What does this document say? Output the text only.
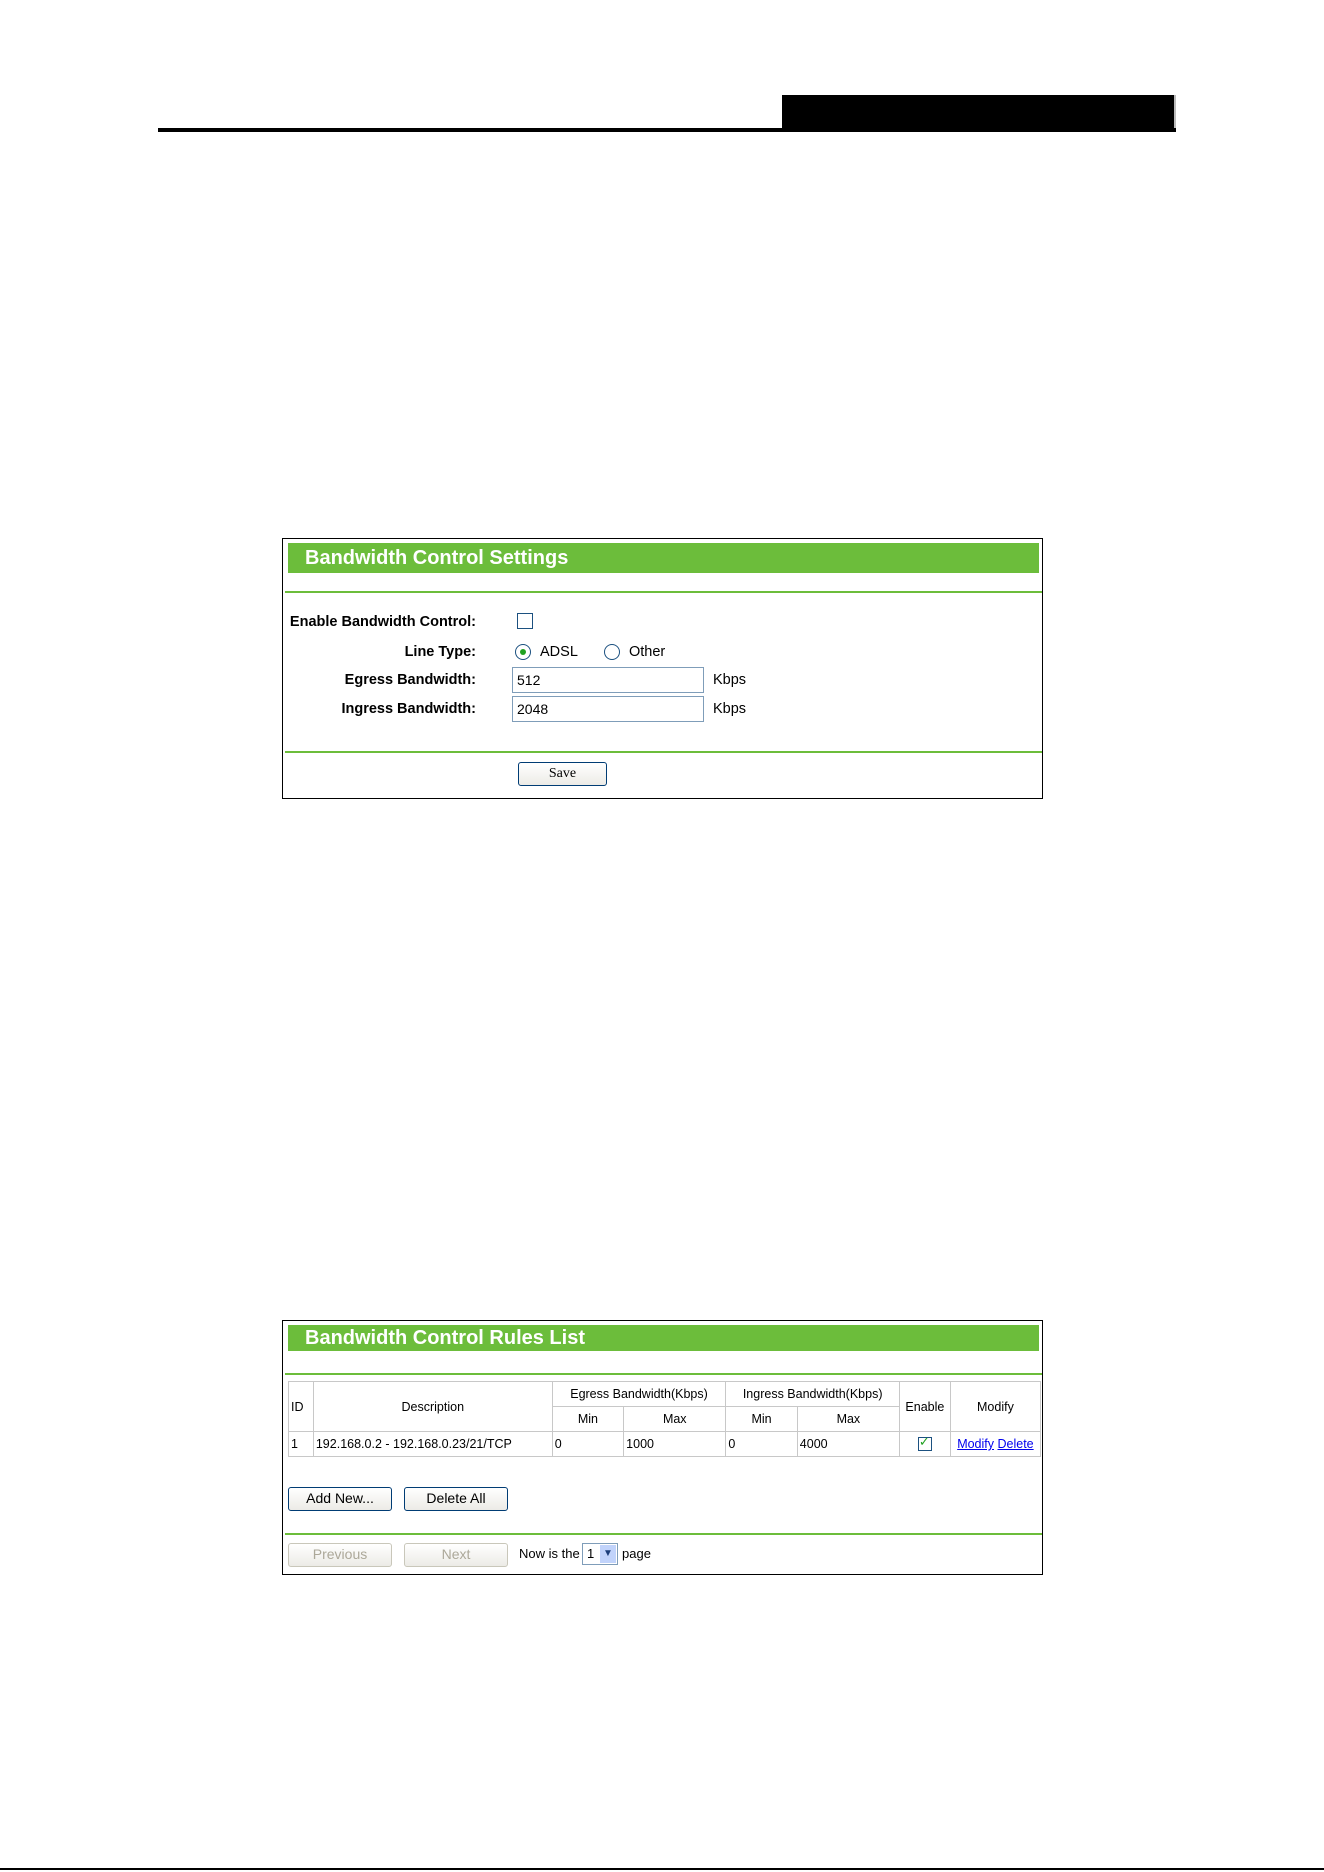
Bandwidth Control Settings
Enable Bandwidth Control:
Line Type:	ADSL	Other
Egress Bandwidth:	512	Kbps
Ingress Bandwidth:	2048	Kbps
Save
Bandwidth Control Rules List
ID	Description	Egress Bandwidth(Kbps)		Ingress Bandwidth(Kbps)		Enable	Modify
		Min	Max	Min	Max		
1	192.168.0.2 - 192.168.0.23/21/TCP	0	1000	0	4000	✓	Modify Delete
Add New...	Delete All
Previous	Next	Now is the 1 ▼ page
